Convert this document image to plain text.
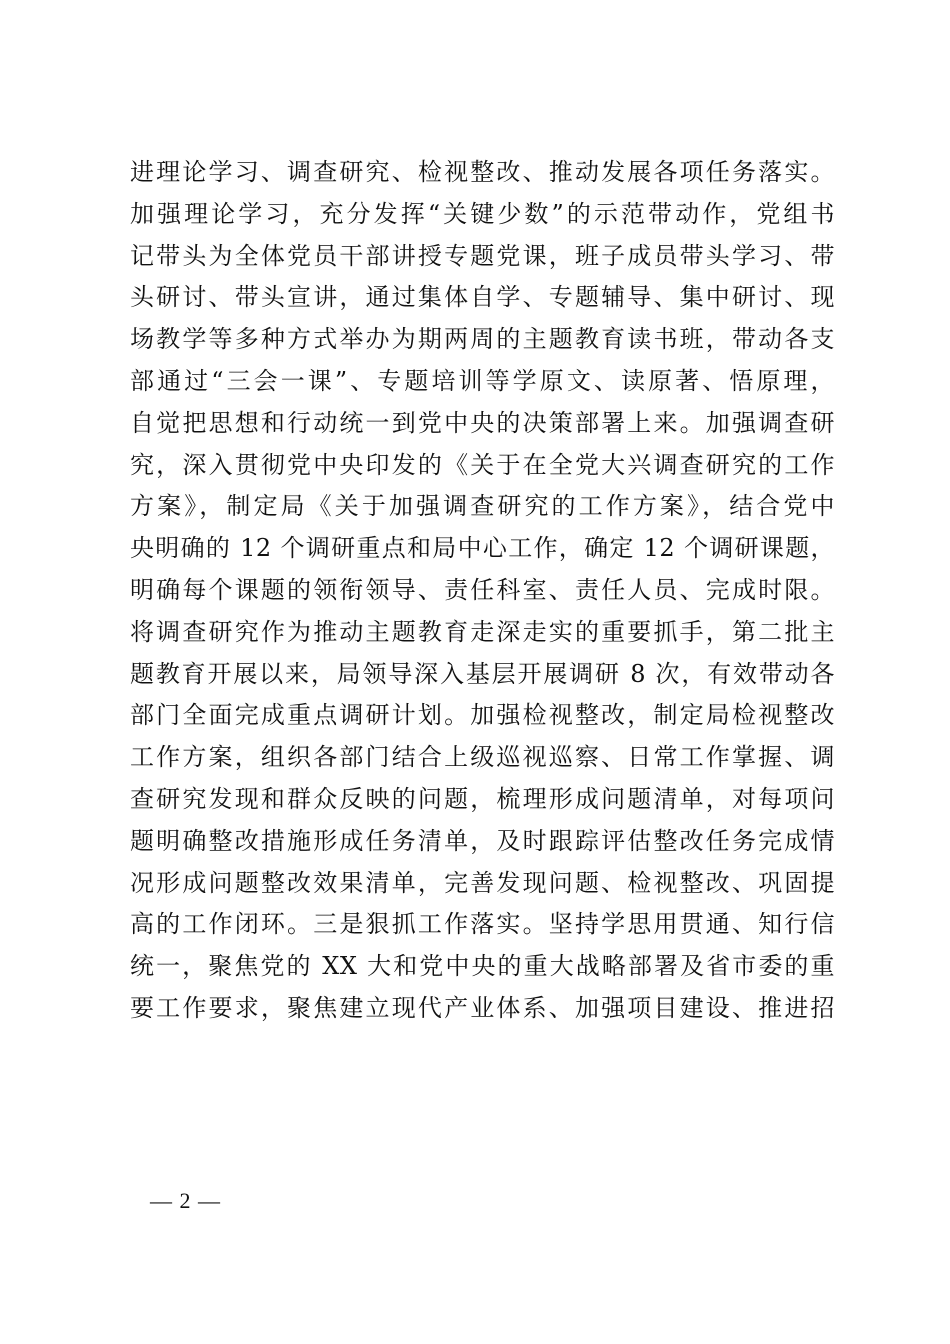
进理论学习、调查研究、检视整改、推动发展各项任务落实。
加强理论学习，充分发挥“关键少数”的示范带动作，党组书
记带头为全体党员干部讲授专题党课，班子成员带头学习、带
头研讨、带头宣讲，通过集体自学、专题辅导、集中研讨、现
场教学等多种方式举办为期两周的主题教育读书班，带动各支
部通过“三会一课”、专题培训等学原文、读原著、悟原理，
自觉把思想和行动统一到党中央的决策部署上来。加强调查研
究，深入贯彻党中央印发的《关于在全党大兴调查研究的工作
方案》，制定局《关于加强调查研究的工作方案》，结合党中
央明确的 12 个调研重点和局中心工作，确定 12 个调研课题，
明确每个课题的领衔领导、责任科室、责任人员、完成时限。
将调查研究作为推动主题教育走深走实的重要抓手，第二批主
题教育开展以来，局领导深入基层开展调研 8 次，有效带动各
部门全面完成重点调研计划。加强检视整改，制定局检视整改
工作方案，组织各部门结合上级巡视巡察、日常工作掌握、调
查研究发现和群众反映的问题，梳理形成问题清单，对每项问
题明确整改措施形成任务清单，及时跟踪评估整改任务完成情
况形成问题整改效果清单，完善发现问题、检视整改、巩固提
高的工作闭环。三是狠抓工作落实。坚持学思用贯通、知行信
统一，聚焦党的 XX 大和党中央的重大战略部署及省市委的重
要工作要求，聚焦建立现代产业体系、加强项目建设、推进招
— 2 —
